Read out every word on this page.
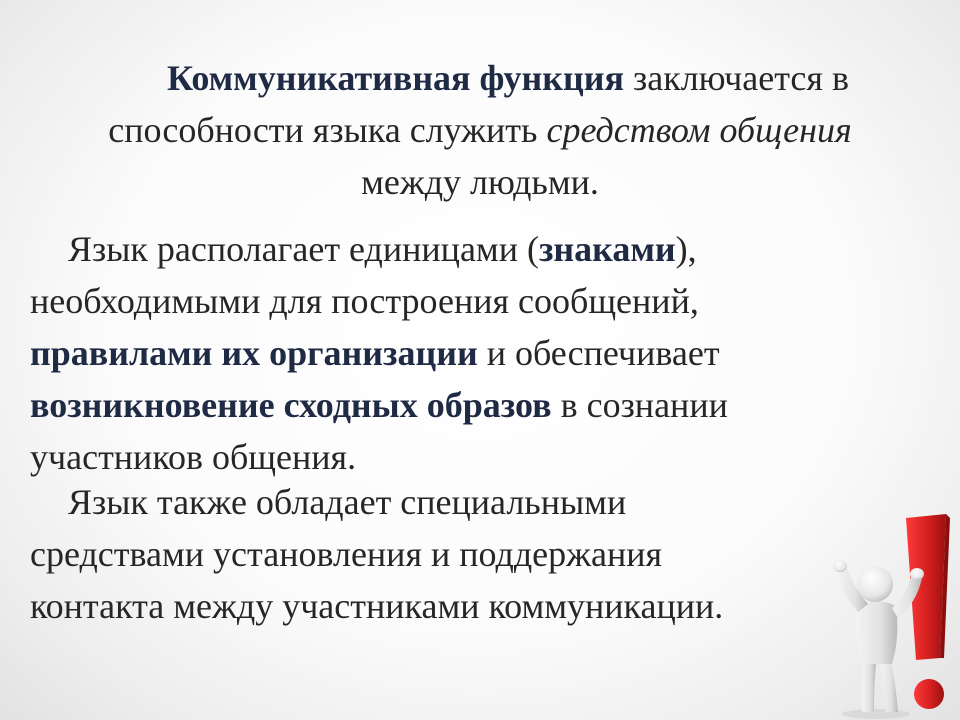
Коммуникативная функция заключается в
способности языка служить средством общения
между людьми.

Язык располагает единицами (знаками),
необходимыми для построения сообщений,
правилами их организации и обеспечивает
возникновение сходных образов в сознании
участников общения.

Язык также обладает специальными
средствами установления и поддержания
контакта между участниками коммуникации.
